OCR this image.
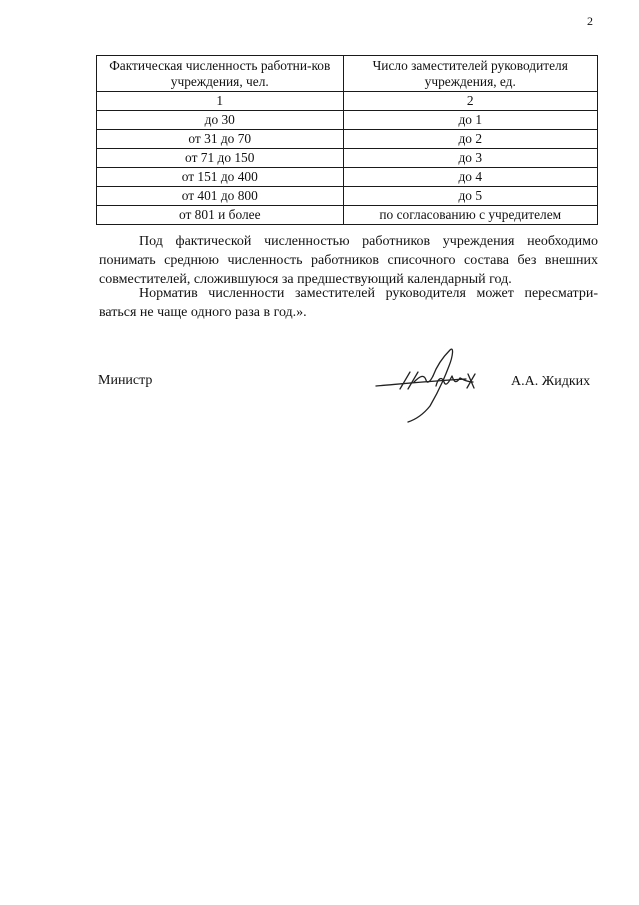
2
Фактическая численность работни-ков учреждения, чел.	Число заместителей руководителя учреждения, ед.
1	2
до 30	до 1
от 31 до 70	до 2
от 71 до 150	до 3
от 151 до 400	до 4
от 401 до 800	до 5
от 801 и более	по согласованию с учредителем

Под фактической численностью работников учреждения необходимо понимать среднюю численность работников списочного состава без внешних совместителей, сложившуюся за предшествующий календарный год.

Норматив численности заместителей руководителя может пересматри-ваться не чаще одного раза в год.».

Министр	А.А. Жидких
